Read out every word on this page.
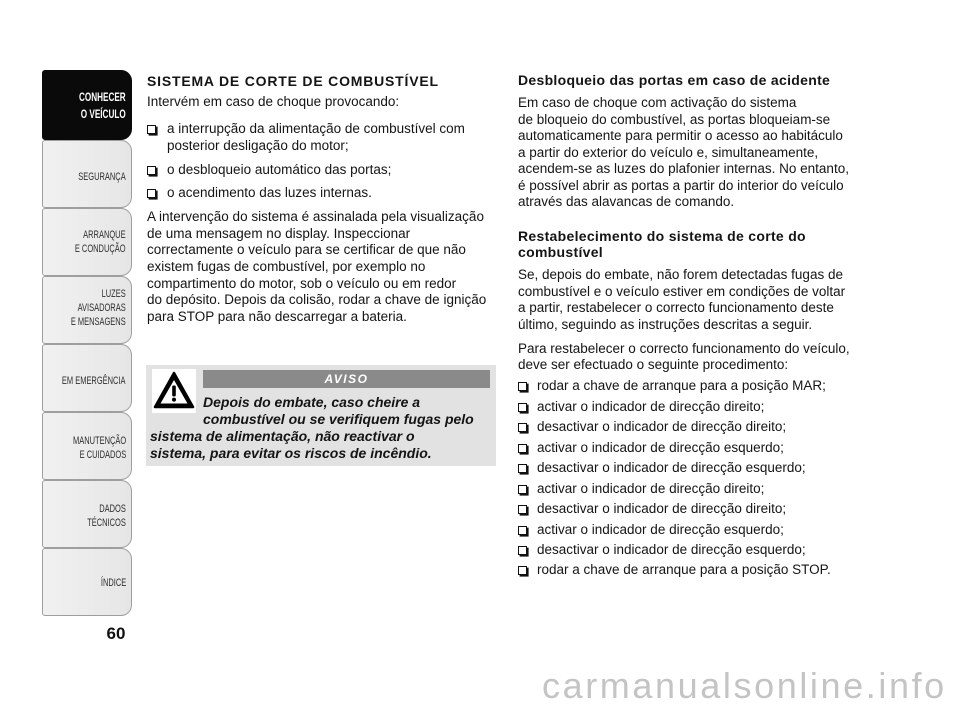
CONHECER
O VEÍCULO
SEGURANÇA
ARRANQUE
E CONDUÇÃO
LUZES
AVISADORAS
E MENSAGENS
EM EMERGÊNCIA
MANUTENÇÃO
E CUIDADOS
DADOS
TÉCNICOS
ÍNDICE
60
SISTEMA DE CORTE DE COMBUSTÍVEL
Intervém em caso de choque provocando:
a interrupção da alimentação de combustível com
posterior desligação do motor;
o desbloqueio automático das portas;
o acendimento das luzes internas.
A intervenção do sistema é assinalada pela visualização
de uma mensagem no display. Inspeccionar
correctamente o veículo para se certificar de que não
existem fugas de combustível, por exemplo no
compartimento do motor, sob o veículo ou em redor
do depósito. Depois da colisão, rodar a chave de ignição
para STOP para não descarregar a bateria.
AVISO
Depois do embate, caso cheire a
combustível ou se verifiquem fugas pelo
sistema de alimentação, não reactivar o
sistema, para evitar os riscos de incêndio.
Desbloqueio das portas em caso de acidente
Em caso de choque com activação do sistema
de bloqueio do combustível, as portas bloqueiam-se
automaticamente para permitir o acesso ao habitáculo
a partir do exterior do veículo e, simultaneamente,
acendem-se as luzes do plafonier internas. No entanto,
é possível abrir as portas a partir do interior do veículo
através das alavancas de comando.
Restabelecimento do sistema de corte do
combustível
Se, depois do embate, não forem detectadas fugas de
combustível e o veículo estiver em condições de voltar
a partir, restabelecer o correcto funcionamento deste
último, seguindo as instruções descritas a seguir.
Para restabelecer o correcto funcionamento do veículo,
deve ser efectuado o seguinte procedimento:
rodar a chave de arranque para a posição MAR;
activar o indicador de direcção direito;
desactivar o indicador de direcção direito;
activar o indicador de direcção esquerdo;
desactivar o indicador de direcção esquerdo;
activar o indicador de direcção direito;
desactivar o indicador de direcção direito;
activar o indicador de direcção esquerdo;
desactivar o indicador de direcção esquerdo;
rodar a chave de arranque para a posição STOP.
carmanualsonline.info
